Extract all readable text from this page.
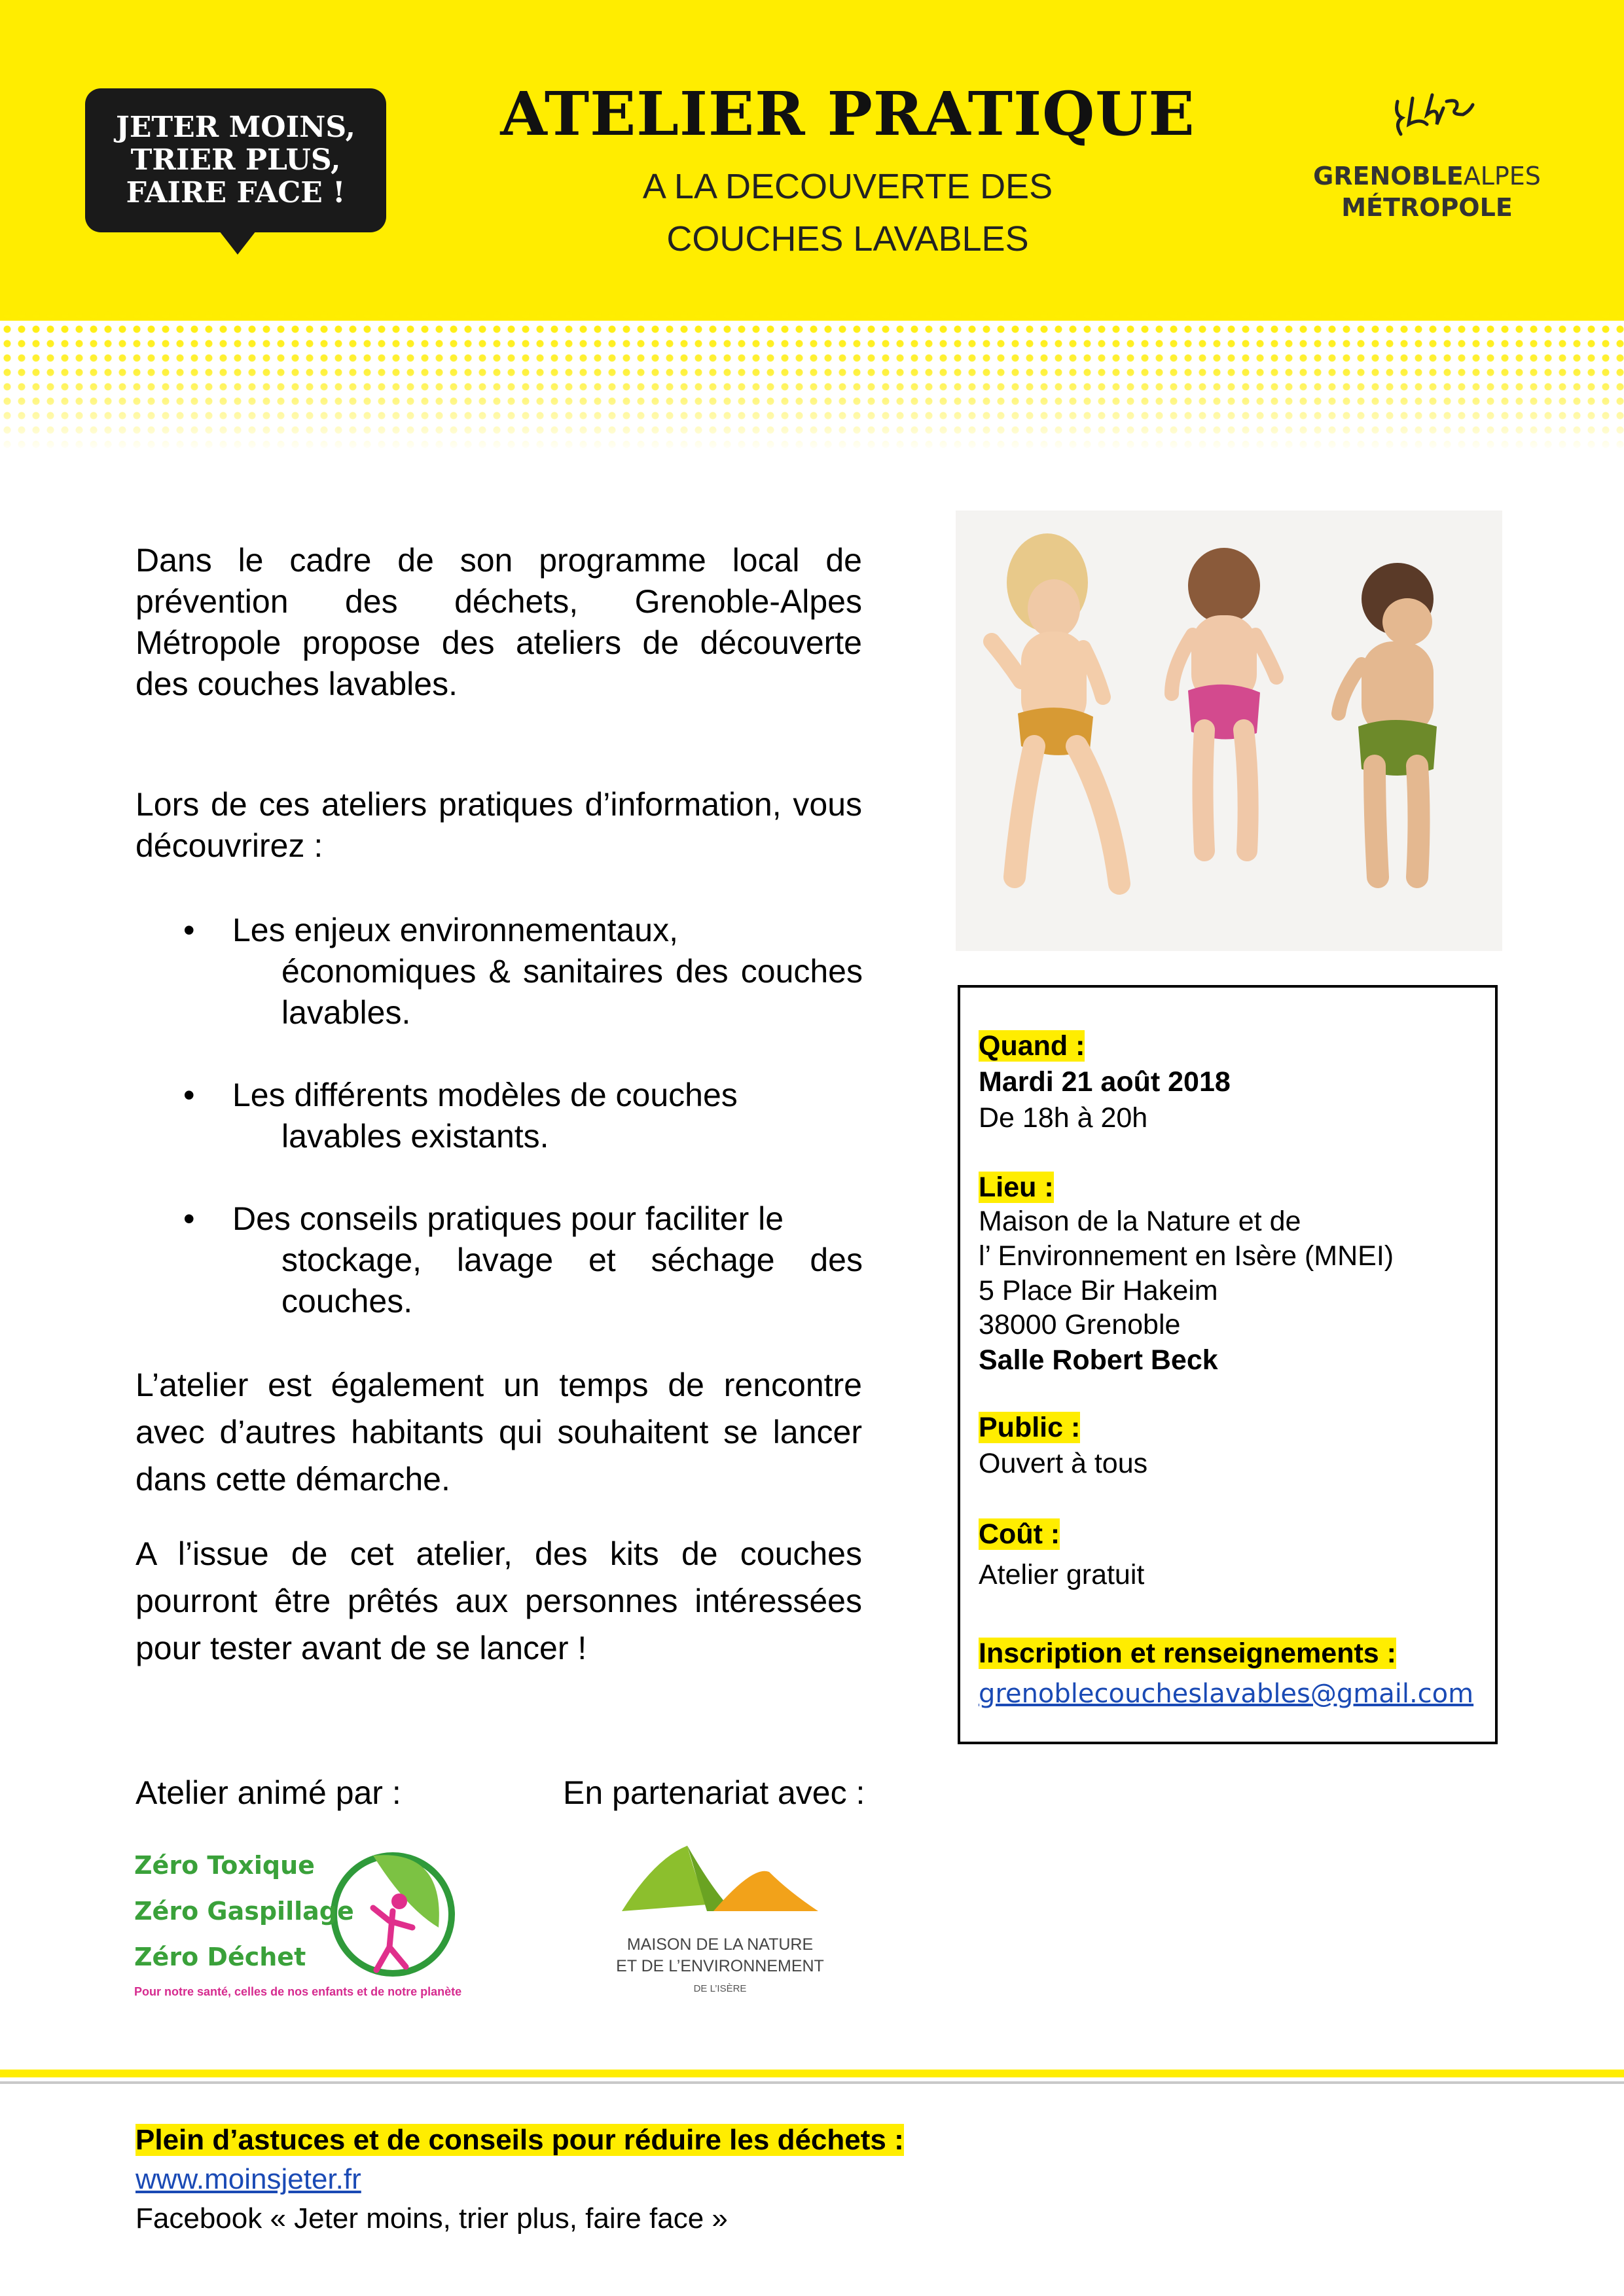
JETER MOINS,
TRIER PLUS,
FAIRE FACE !
ATELIER PRATIQUE
A LA DECOUVERTE DES
COUCHES LAVABLES
GRENOBLEALPES
MÉTROPOLE
Dans le cadre de son programme local de prévention des déchets, Grenoble-Alpes Métropole propose des ateliers de découverte des couches lavables.
Lors de ces ateliers pratiques d’information, vous découvrirez :
• Les enjeux environnementaux,
économiques & sanitaires des couches lavables.
• Les différents modèles de couches
lavables existants.
• Des conseils pratiques pour faciliter le
stockage, lavage et séchage des couches.
L’atelier est également un temps de rencontre avec d’autres habitants qui souhaitent se lancer dans cette démarche.
A l’issue de cet atelier, des kits de couches pourront être prêtés aux personnes intéressées pour tester avant de se lancer !
Quand :
Mardi 21 août 2018
De 18h à 20h
Lieu :
Maison de la Nature et de
l’ Environnement en Isère (MNEI)
5 Place Bir Hakeim
38000 Grenoble
Salle Robert Beck
Public :
Ouvert à tous
Coût :
Atelier gratuit
Inscription et renseignements :
grenoblecoucheslavables@gmail.com
Atelier animé par :	En partenariat avec :
Zéro Toxique
Zéro Gaspillage
Zéro Déchet
Pour notre santé, celles de nos enfants et de notre planète
MAISON DE LA NATURE
ET DE L’ENVIRONNEMENT
DE L’ISÈRE
Plein d’astuces et de conseils pour réduire les déchets :
www.moinsjeter.fr
Facebook « Jeter moins, trier plus, faire face »
